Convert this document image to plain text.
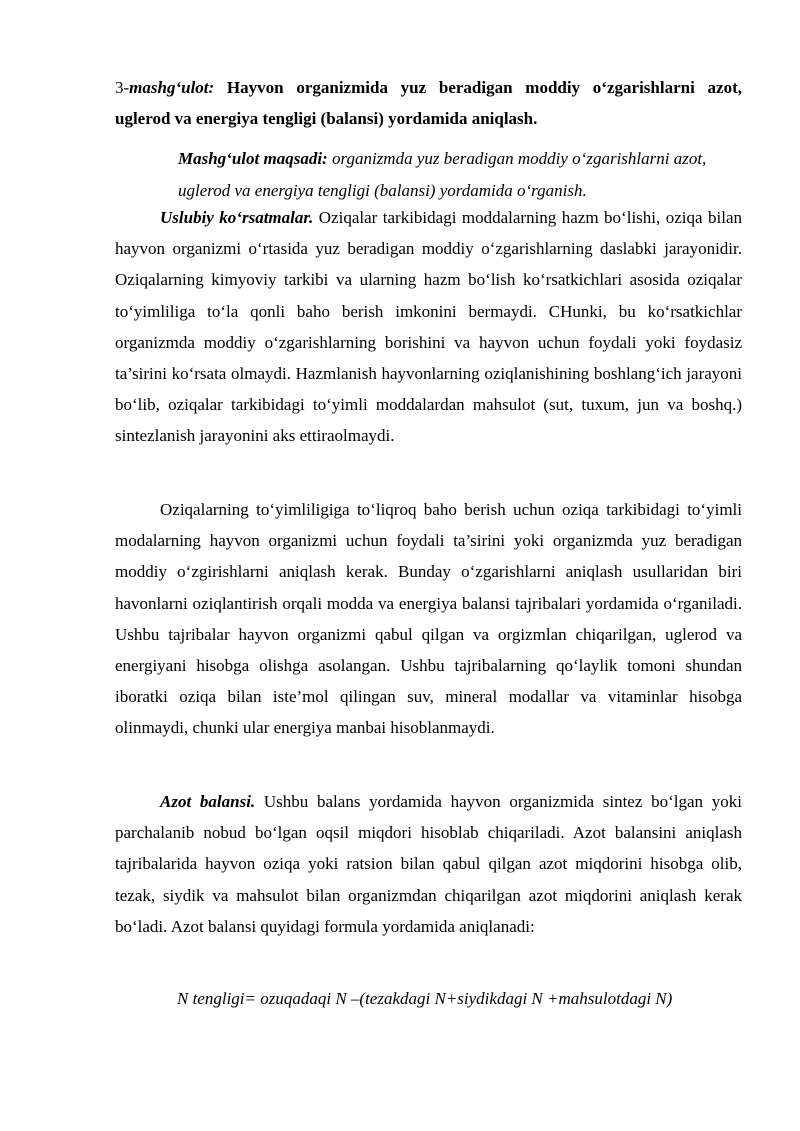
3-mashg‘ulot: Hayvon organizmida yuz beradigan moddiy o‘zgarishlarni azot, uglerod va energiya tengligi (balansi) yordamida aniqlash.

Mashg‘ulot maqsadi: organizmda yuz beradigan moddiy o‘zgarishlarni azot, uglerod va energiya tengligi (balansi) yordamida o‘rganish.

Uslubiy ko‘rsatmalar. Oziqalar tarkibidagi moddalarning hazm bo‘lishi, oziqa bilan hayvon organizmi o‘rtasida yuz beradigan moddiy o‘zgarishlarning daslabki jarayonidir. Oziqalarning kimyoviy tarkibi va ularning hazm bo‘lish ko‘rsatkichlari asosida oziqalar to‘yimliliga to‘la qonli baho berish imkonini bermaydi. CHunki, bu ko‘rsatkichlar organizmda moddiy o‘zgarishlarning borishini va hayvon uchun foydali yoki foydasiz ta’sirini ko‘rsata olmaydi. Hazmlanish hayvonlarning oziqlanishining boshlang‘ich jarayoni bo‘lib, oziqalar tarkibidagi to‘yimli moddalardan mahsulot (sut, tuxum, jun va boshq.) sintezlanish jarayonini aks ettiraolmaydi.

Oziqalarning to‘yimliligiga to‘liqroq baho berish uchun oziqa tarkibidagi to‘yimli modalarning hayvon organizmi uchun foydali ta’sirini yoki organizmda yuz beradigan moddiy o‘zgirishlarni aniqlash kerak. Bunday o‘zgarishlarni aniqlash usullaridan biri havonlarni oziqlantirish orqali modda va energiya balansi tajribalari yordamida o‘rganiladi. Ushbu tajribalar hayvon organizmi qabul qilgan va orgizmlan chiqarilgan, uglerod va energiyani hisobga olishga asolangan. Ushbu tajribalarning qo‘laylik tomoni shundan iboratki oziqa bilan iste’mol qilingan suv, mineral modallar va vitaminlar hisobga olinmaydi, chunki ular energiya manbai hisoblanmaydi.

Azot balansi. Ushbu balans yordamida hayvon organizmida sintez bo‘lgan yoki parchalanib nobud bo‘lgan oqsil miqdori hisoblab chiqariladi. Azot balansini aniqlash tajribalarida hayvon oziqa yoki ratsion bilan qabul qilgan azot miqdorini hisobga olib, tezak, siydik va mahsulot bilan organizmdan chiqarilgan azot miqdorini aniqlash kerak bo‘ladi. Azot balansi quyidagi formula yordamida aniqlanadi:

N tengligi= ozuqadaqi N –(tezakdagi N+siydikdagi N +mahsulotdagi N)
